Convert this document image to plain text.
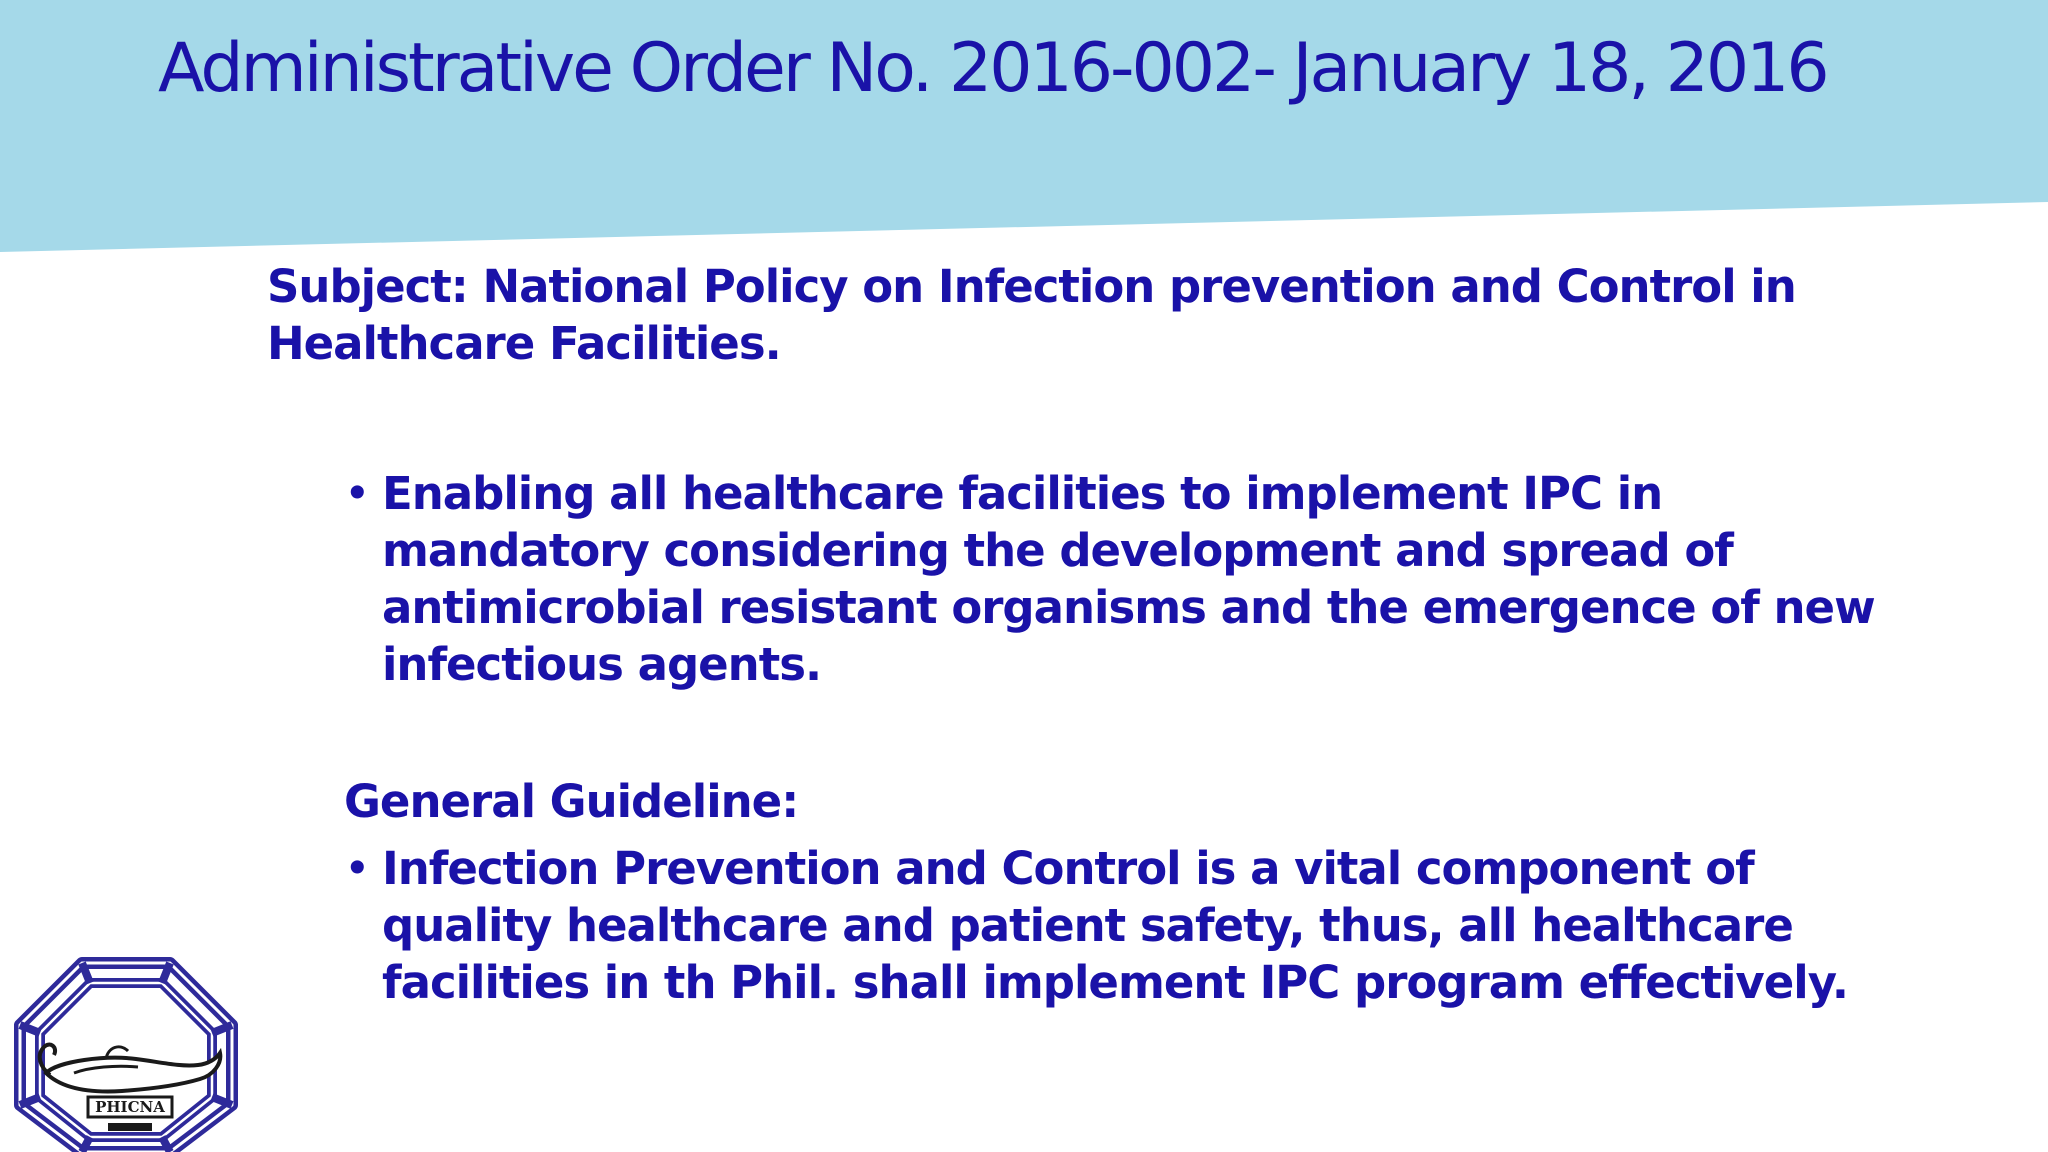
Administrative Order No. 2016-002- January 18, 2016
Subject: National Policy on Infection prevention and Control in Healthcare Facilities.
• Enabling all healthcare facilities to implement IPC in mandatory considering the development and spread of antimicrobial resistant organisms and the emergence of new infectious agents.
General Guideline:
• Infection Prevention and Control is a vital component of quality healthcare and patient safety, thus, all healthcare facilities in th Phil. shall implement IPC program effectively.
PHICNA
